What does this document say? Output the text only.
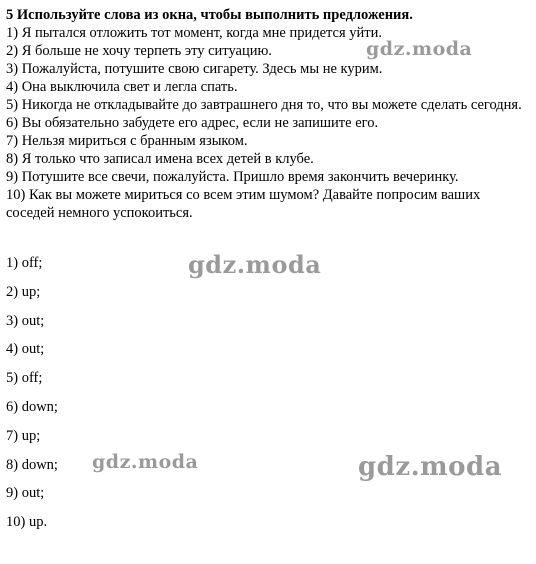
5 Используйте слова из окна, чтобы выполнить предложения.

1) Я пытался отложить тот момент, когда мне придется уйти.
2) Я больше не хочу терпеть эту ситуацию.
3) Пожалуйста, потушите свою сигарету. Здесь мы не курим.
4) Она выключила свет и легла спать.
5) Никогда не откладывайте до завтрашнего дня то, что вы можете сделать сегодня.
6) Вы обязательно забудете его адрес, если не запишите его.
7) Нельзя мириться с бранным языком.
8) Я только что записал имена всех детей в клубе.
9) Потушите все свечи, пожалуйста. Пришло время закончить вечеринку.
10) Как вы можете мириться со всем этим шумом? Давайте попросим ваших соседей немного успокоиться.
1) off;
2) up;
3) out;
4) out;
5) off;
6) down;
7) up;
8) down;
9) out;
10) up.
gdz.moda
gdz.moda
gdz.moda	gdz.moda
